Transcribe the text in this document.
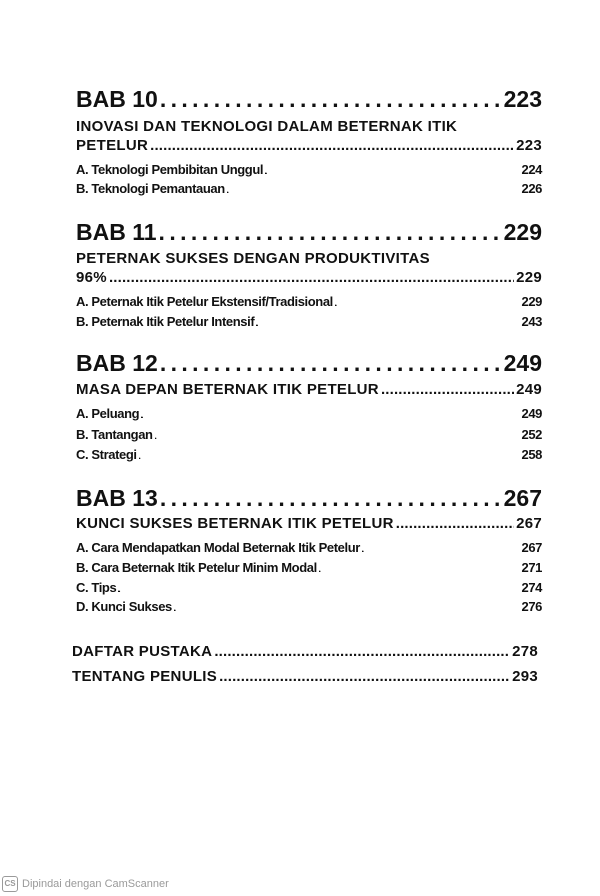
BAB 10 . . .	223
INOVASI DAN TEKNOLOGI DALAM BETERNAK ITIK
PETELUR . . .	223
A. Teknologi Pembibitan Unggul . . .	224
B. Teknologi Pemantauan . . .	226
BAB 11 . . .	229
PETERNAK SUKSES DENGAN PRODUKTIVITAS
96% . . .	229
A. Peternak Itik Petelur Ekstensif/Tradisional . . .	229
B. Peternak Itik Petelur Intensif . . .	243
BAB 12 . . .	249
MASA DEPAN BETERNAK ITIK PETELUR . . .	249
A. Peluang . . .	249
B. Tantangan . . .	252
C. Strategi . . .	258
BAB 13 . . .	267
KUNCI SUKSES BETERNAK ITIK PETELUR . . .	267
A. Cara Mendapatkan Modal Beternak Itik Petelur . . .	267
B. Cara Beternak Itik Petelur Minim Modal . . .	271
C. Tips . . .	274
D. Kunci Sukses . . .	276
DAFTAR PUSTAKA . . .	278
TENTANG PENULIS . . .	293
CS Dipindai dengan CamScanner
